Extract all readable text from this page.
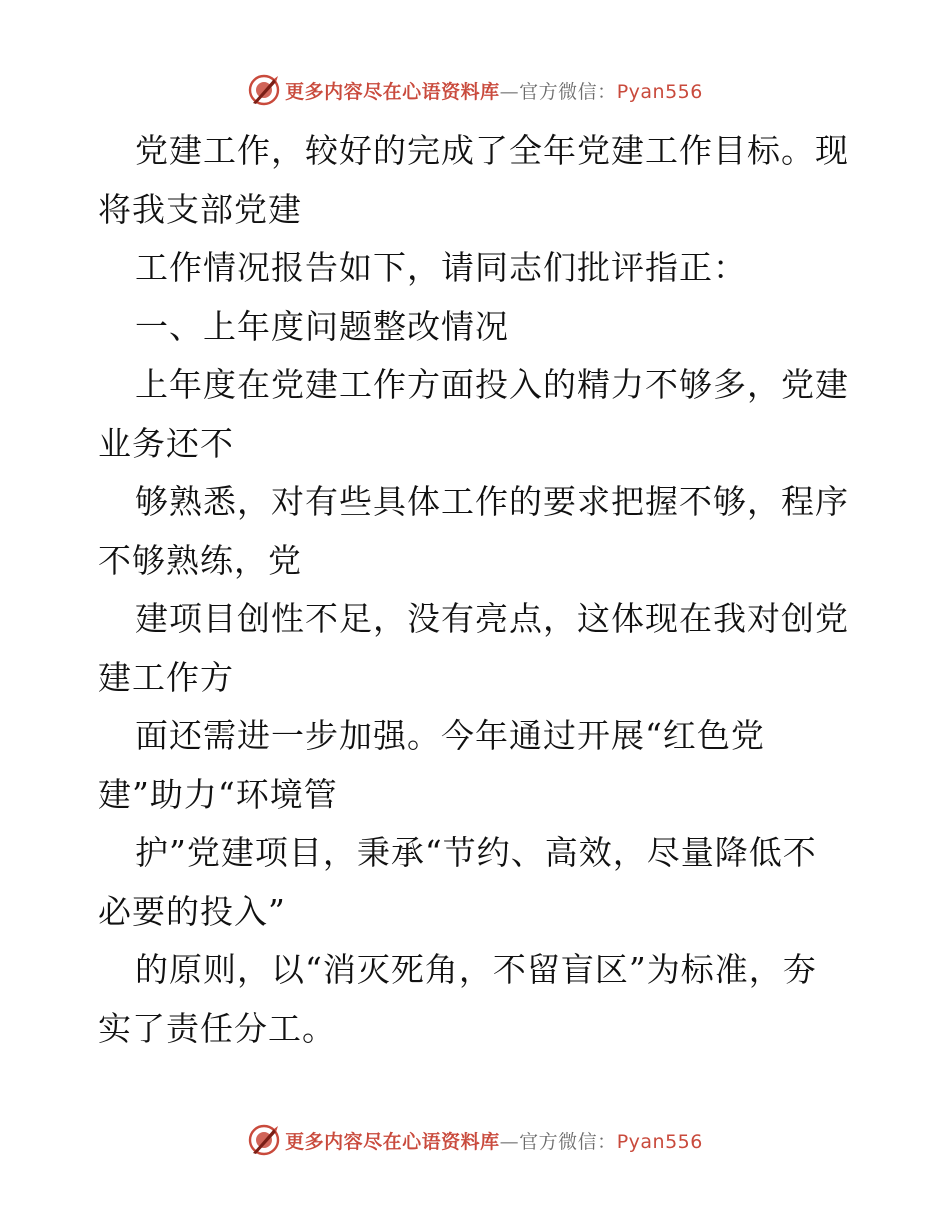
更多内容尽在心语资料库—官方微信：Pyan556
党建工作，较好的完成了全年党建工作目标。现
将我支部党建
工作情况报告如下，请同志们批评指正：
一、上年度问题整改情况
上年度在党建工作方面投入的精力不够多，党建
业务还不
够熟悉，对有些具体工作的要求把握不够，程序
不够熟练，党
建项目创性不足，没有亮点，这体现在我对创党
建工作方
面还需进一步加强。今年通过开展“红色党
建”助力“环境管
护”党建项目，秉承“节约、高效，尽量降低不
必要的投入”
的原则，以“消灭死角，不留盲区”为标准，夯
实了责任分工。
更多内容尽在心语资料库—官方微信：Pyan556
